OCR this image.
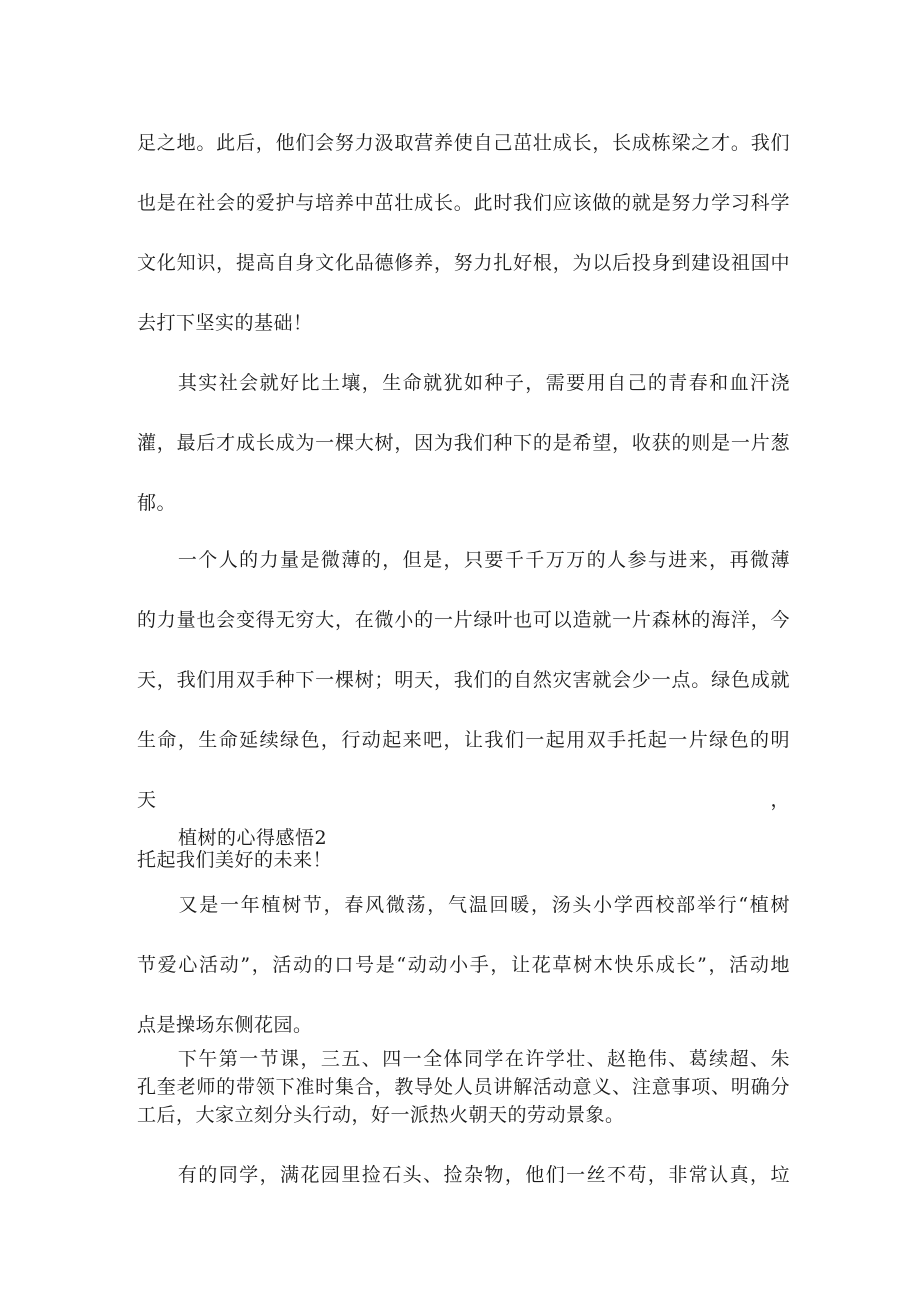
足之地。此后，他们会努力汲取营养使自己茁壮成长，长成栋梁之才。我们
也是在社会的爱护与培养中茁壮成长。此时我们应该做的就是努力学习科学
文化知识，提高自身文化品德修养，努力扎好根，为以后投身到建设祖国中
去打下坚实的基础！

　　其实社会就好比土壤，生命就犹如种子，需要用自己的青春和血汗浇
灌，最后才成长成为一棵大树，因为我们种下的是希望，收获的则是一片葱
郁。

　　一个人的力量是微薄的，但是，只要千千万万的人参与进来，再微薄
的力量也会变得无穷大，在微小的一片绿叶也可以造就一片森林的海洋，今
天，我们用双手种下一棵树；明天，我们的自然灾害就会少一点。绿色成就
生命，生命延续绿色，行动起来吧，让我们一起用双手托起一片绿色的明天，
托起我们美好的未来！

植树的心得感悟2

　　又是一年植树节，春风微荡，气温回暖，汤头小学西校部举行“植树
节爱心活动”，活动的口号是“动动小手，让花草树木快乐成长”，活动地
点是操场东侧花园。

　　下午第一节课，三五、四一全体同学在许学壮、赵艳伟、葛续超、朱
孔奎老师的带领下准时集合，教导处人员讲解活动意义、注意事项、明确分
工后，大家立刻分头行动，好一派热火朝天的劳动景象。

　　有的同学，满花园里捡石头、捡杂物，他们一丝不苟，非常认真，垃
